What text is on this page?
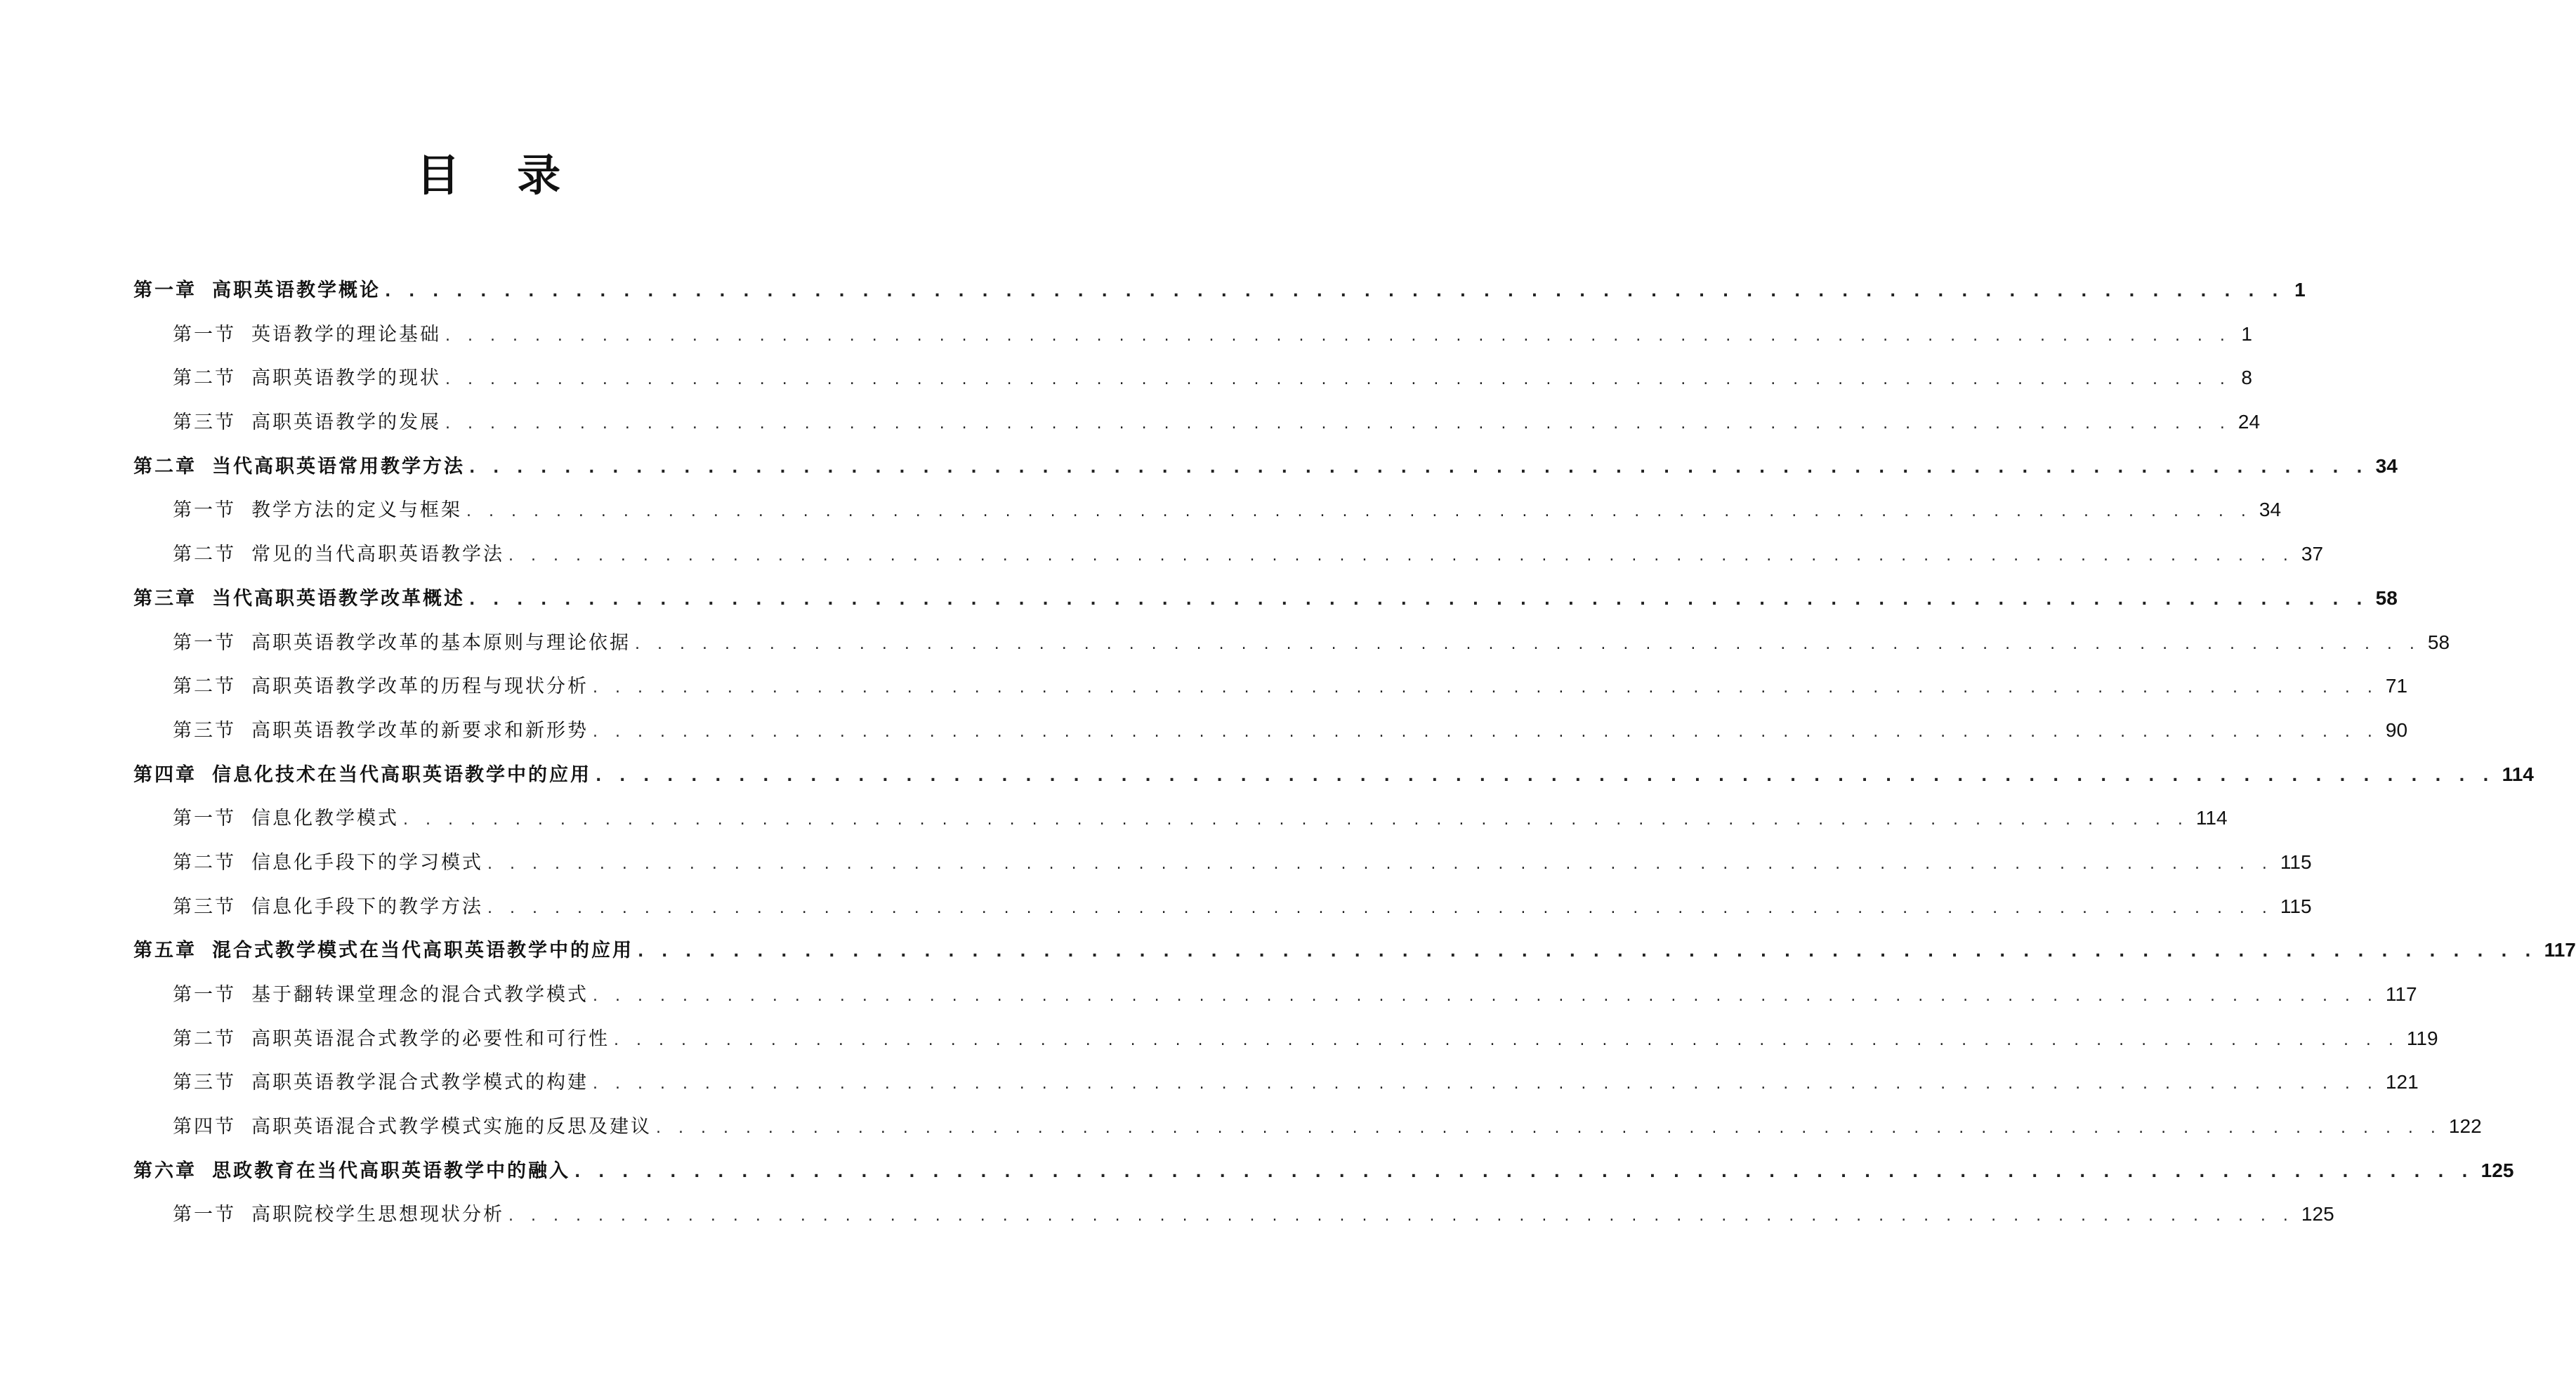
目 录
第一章 高职英语教学概论 . . . . . . . . . . . . . . . . . . . . . . . . . . . . . . . . . . . . . . . . . . . . . . . . . . . . . . . . . . . . . . . . . . . . . . . . . . . . . . . . 1
第一节 英语教学的理论基础 . . . . . . . . . . . . . . . . . . . . . . . . . . . . . . . . . . . . . . . . . . . . . . . . . . . . . . . . . . . . . . . . . . . . . . . . . . . . . . . . 1
第二节 高职英语教学的现状 . . . . . . . . . . . . . . . . . . . . . . . . . . . . . . . . . . . . . . . . . . . . . . . . . . . . . . . . . . . . . . . . . . . . . . . . . . . . . . . . 8
第三节 高职英语教学的发展 . . . . . . . . . . . . . . . . . . . . . . . . . . . . . . . . . . . . . . . . . . . . . . . . . . . . . . . . . . . . . . . . . . . . . . . . . . . . . . . . 24
第二章 当代高职英语常用教学方法 . . . . . . . . . . . . . . . . . . . . . . . . . . . . . . . . . . . . . . . . . . . . . . . . . . . . . . . . . . . . . . . . . . . . . . . . . . . . . . . . 34
第一节 教学方法的定义与框架 . . . . . . . . . . . . . . . . . . . . . . . . . . . . . . . . . . . . . . . . . . . . . . . . . . . . . . . . . . . . . . . . . . . . . . . . . . . . . . . . 34
第二节 常见的当代高职英语教学法 . . . . . . . . . . . . . . . . . . . . . . . . . . . . . . . . . . . . . . . . . . . . . . . . . . . . . . . . . . . . . . . . . . . . . . . . . . . . . . . . 37
第三章 当代高职英语教学改革概述 . . . . . . . . . . . . . . . . . . . . . . . . . . . . . . . . . . . . . . . . . . . . . . . . . . . . . . . . . . . . . . . . . . . . . . . . . . . . . . . . 58
第一节 高职英语教学改革的基本原则与理论依据 . . . . . . . . . . . . . . . . . . . . . . . . . . . . . . . . . . . . . . . . . . . . . . . . . . . . . . . . . . . . . . . . . . . . . . . . . . . . . . . . 58
第二节 高职英语教学改革的历程与现状分析 . . . . . . . . . . . . . . . . . . . . . . . . . . . . . . . . . . . . . . . . . . . . . . . . . . . . . . . . . . . . . . . . . . . . . . . . . . . . . . . . 71
第三节 高职英语教学改革的新要求和新形势 . . . . . . . . . . . . . . . . . . . . . . . . . . . . . . . . . . . . . . . . . . . . . . . . . . . . . . . . . . . . . . . . . . . . . . . . . . . . . . . . 90
第四章 信息化技术在当代高职英语教学中的应用 . . . . . . . . . . . . . . . . . . . . . . . . . . . . . . . . . . . . . . . . . . . . . . . . . . . . . . . . . . . . . . . . . . . . . . . . . . . . . . . . 114
第一节 信息化教学模式 . . . . . . . . . . . . . . . . . . . . . . . . . . . . . . . . . . . . . . . . . . . . . . . . . . . . . . . . . . . . . . . . . . . . . . . . . . . . . . . . 114
第二节 信息化手段下的学习模式 . . . . . . . . . . . . . . . . . . . . . . . . . . . . . . . . . . . . . . . . . . . . . . . . . . . . . . . . . . . . . . . . . . . . . . . . . . . . . . . . 115
第三节 信息化手段下的教学方法 . . . . . . . . . . . . . . . . . . . . . . . . . . . . . . . . . . . . . . . . . . . . . . . . . . . . . . . . . . . . . . . . . . . . . . . . . . . . . . . . 115
第五章 混合式教学模式在当代高职英语教学中的应用 . . . . . . . . . . . . . . . . . . . . . . . . . . . . . . . . . . . . . . . . . . . . . . . . . . . . . . . . . . . . . . . . . . . . . . . . . . . . . . . . 117
第一节 基于翻转课堂理念的混合式教学模式 . . . . . . . . . . . . . . . . . . . . . . . . . . . . . . . . . . . . . . . . . . . . . . . . . . . . . . . . . . . . . . . . . . . . . . . . . . . . . . . . 117
第二节 高职英语混合式教学的必要性和可行性 . . . . . . . . . . . . . . . . . . . . . . . . . . . . . . . . . . . . . . . . . . . . . . . . . . . . . . . . . . . . . . . . . . . . . . . . . . . . . . . . 119
第三节 高职英语教学混合式教学模式的构建 . . . . . . . . . . . . . . . . . . . . . . . . . . . . . . . . . . . . . . . . . . . . . . . . . . . . . . . . . . . . . . . . . . . . . . . . . . . . . . . . 121
第四节 高职英语混合式教学模式实施的反思及建议 . . . . . . . . . . . . . . . . . . . . . . . . . . . . . . . . . . . . . . . . . . . . . . . . . . . . . . . . . . . . . . . . . . . . . . . . . . . . . . . . 122
第六章 思政教育在当代高职英语教学中的融入 . . . . . . . . . . . . . . . . . . . . . . . . . . . . . . . . . . . . . . . . . . . . . . . . . . . . . . . . . . . . . . . . . . . . . . . . . . . . . . . . 125
第一节 高职院校学生思想现状分析 . . . . . . . . . . . . . . . . . . . . . . . . . . . . . . . . . . . . . . . . . . . . . . . . . . . . . . . . . . . . . . . . . . . . . . . . . . . . . . . . 125
